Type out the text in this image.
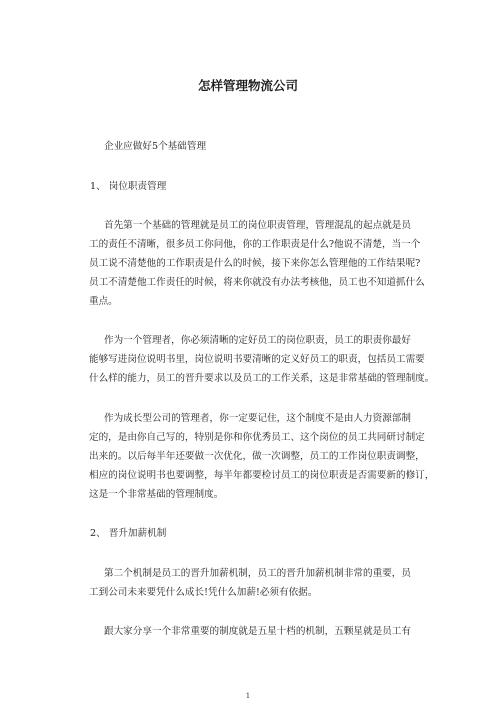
怎样管理物流公司

企业应做好5个基础管理

1、 岗位职责管理

首先第一个基础的管理就是员工的岗位职责管理，管理混乱的起点就是员

工的责任不清晰，很多员工你问他，你的工作职责是什么?他说不清楚，当一个

员工说不清楚他的工作职责是什么的时候，接下来你怎么管理他的工作结果呢?

员工不清楚他工作责任的时候，将来你就没有办法考核他，员工也不知道抓什么

重点。

作为一个管理者，你必须清晰的定好员工的岗位职责，员工的职责你最好

能够写进岗位说明书里，岗位说明书要清晰的定义好员工的职责，包括员工需要

什么样的能力，员工的晋升要求以及员工的工作关系，这是非常基础的管理制度。

作为成长型公司的管理者，你一定要记住，这个制度不是由人力资源部制

定的，是由你自己写的，特别是你和你优秀员工、这个岗位的员工共同研讨制定

出来的。以后每半年还要做一次优化，做一次调整，员工的工作岗位职责调整，

相应的岗位说明书也要调整，每半年都要检讨员工的岗位职责是否需要新的修订，

这是一个非常基础的管理制度。

2、 晋升加薪机制

第二个机制是员工的晋升加薪机制，员工的晋升加薪机制非常的重要，员

工到公司未来要凭什么成长!凭什么加薪!必须有依据。

跟大家分享一个非常重要的制度就是五星十档的机制，五颗星就是员工有

1
